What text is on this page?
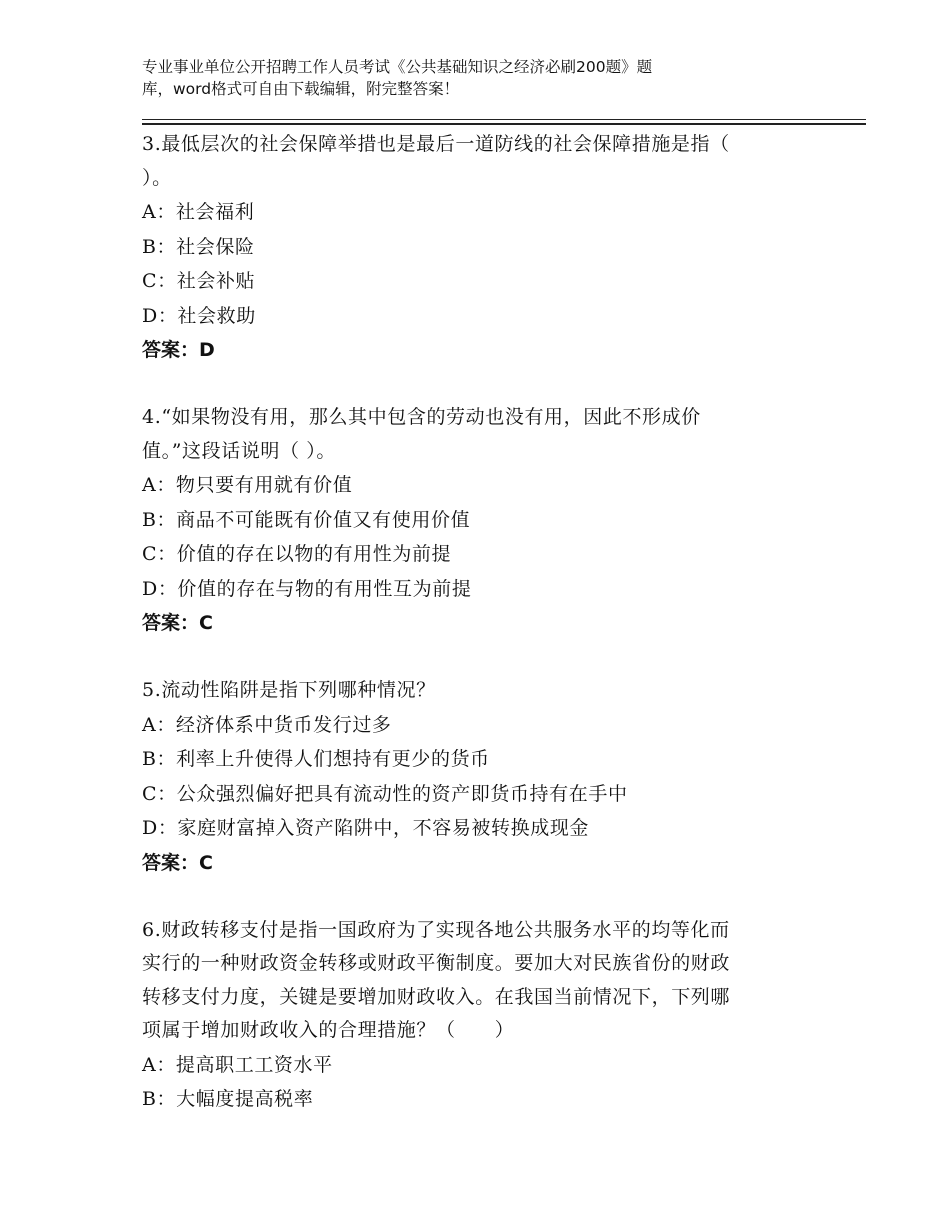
专业事业单位公开招聘工作人员考试《公共基础知识之经济必刷200题》题
库，word格式可自由下载编辑，附完整答案！
3.最低层次的社会保障举措也是最后一道防线的社会保障措施是指（
）。
A：社会福利
B：社会保险
C：社会补贴
D：社会救助
答案：D
4.“如果物没有用，那么其中包含的劳动也没有用，因此不形成价
值。”这段话说明（ ）。
A：物只要有用就有价值
B：商品不可能既有价值又有使用价值
C：价值的存在以物的有用性为前提
D：价值的存在与物的有用性互为前提
答案：C
5.流动性陷阱是指下列哪种情况？
A：经济体系中货币发行过多
B：利率上升使得人们想持有更少的货币
C：公众强烈偏好把具有流动性的资产即货币持有在手中
D：家庭财富掉入资产陷阱中，不容易被转换成现金
答案：C
6.财政转移支付是指一国政府为了实现各地公共服务水平的均等化而
实行的一种财政资金转移或财政平衡制度。要加大对民族省份的财政
转移支付力度，关键是要增加财政收入。在我国当前情况下，下列哪
项属于增加财政收入的合理措施？（　　）
A：提高职工工资水平
B：大幅度提高税率
